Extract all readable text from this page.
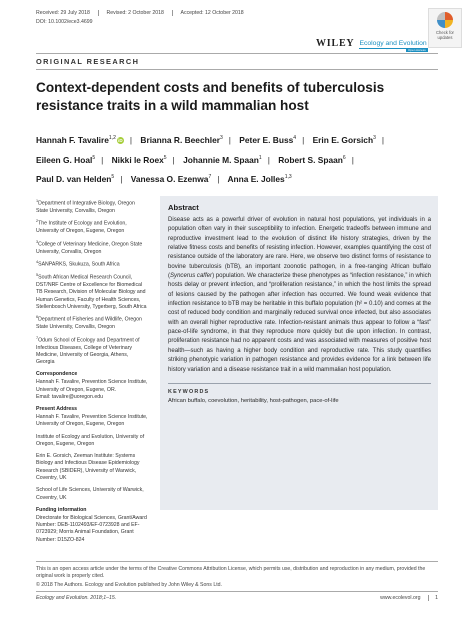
Received: 29 July 2018	Revised: 2 October 2018	Accepted: 12 October 2018
DOI: 10.1002/ece3.4699
Check for updates
WILEY Ecology and Evolution
Open Access
ORIGINAL RESEARCH
Context-dependent costs and benefits of tuberculosis resistance traits in a wild mammalian host
Hannah F. Tavalire$^{1,2}$ iD | Brianna R. Beechler$^3$ | Peter E. Buss$^4$ | Erin E. Gorsich$^3$ | Eileen G. Hoal$^5$ | Nikki le Roex$^5$ | Johannie M. Spaan$^1$ | Robert S. Spaan$^6$ | Paul D. van Helden$^5$ | Vanessa O. Ezenwa$^7$ | Anna E. Jolles$^{1,3}$
$^1$Department of Integrative Biology, Oregon State University, Corvallis, Oregon
$^2$The Institute of Ecology and Evolution, University of Oregon, Eugene, Oregon
$^3$College of Veterinary Medicine, Oregon State University, Corvallis, Oregon
$^4$SANPARKS, Skukuza, South Africa
$^5$South African Medical Research Council, DST/NRF Centre of Excellence for Biomedical TB Research, Division of Molecular Biology and Human Genetics, Faculty of Health Sciences, Stellenbosch University, Tygerberg, South Africa
$^6$Department of Fisheries and Wildlife, Oregon State University, Corvallis, Oregon
$^7$Odum School of Ecology and Department of Infectious Diseases, College of Veterinary Medicine, University of Georgia, Athens, Georgia
Correspondence
Hannah F. Tavalire, Prevention Science Institute, University of Oregon, Eugene, OR.
Email: tavalire@uoregon.edu
Present Address
Hannah F. Tavalire, Prevention Science Institute, University of Oregon, Eugene, Oregon
Institute of Ecology and Evolution, University of Oregon, Eugene, Oregon
Erin E. Gorsich, Zeeman Institute: Systems Biology and Infectious Disease Epidemiology Research (SBIDER), University of Warwick, Coventry, UK
School of Life Sciences, University of Warwick, Coventry, UK
Funding information
Directorate for Biological Sciences, Grant/Award Number: DEB-1102493/EF-0723928 and EF-0723929; Morris Animal Foundation, Grant Number: D15ZO-824
Abstract

Disease acts as a powerful driver of evolution in natural host populations, yet individuals in a population often vary in their susceptibility to infection. Energetic tradeoffs between immune and reproductive investment lead to the evolution of distinct life history strategies, driven by the relative fitness costs and benefits of resisting infection. However, examples quantifying the cost of resistance outside of the laboratory are rare. Here, we observe two distinct forms of resistance to bovine tuberculosis (bTB), an important zoonotic pathogen, in a free-ranging African buffalo (Syncerus caffer) population. We characterize these phenotypes as “infection resistance,” in which hosts delay or prevent infection, and “proliferation resistance,” in which the host limits the spread of lesions caused by the pathogen after infection has occurred. We found weak evidence that infection resistance to bTB may be heritable in this buffalo population (h² = 0.10) and comes at the cost of reduced body condition and marginally reduced survival once infected, but also associates with an overall higher reproductive rate. Infection-resistant animals thus appear to follow a “fast” pace-of-life syndrome, in that they reproduce more quickly but die upon infection. In contrast, proliferation resistance had no apparent costs and was associated with measures of positive host health—such as having a higher body condition and reproductive rate. This study quantifies striking phenotypic variation in pathogen resistance and provides evidence for a link between life history variation and a disease resistance trait in a wild mammalian host population.

KEYWORDS
African buffalo, coevolution, heritability, host-pathogen, pace-of-life
This is an open access article under the terms of the Creative Commons Attribution License, which permits use, distribution and reproduction in any medium, provided the original work is properly cited.
© 2018 The Authors. Ecology and Evolution published by John Wiley & Sons Ltd.
Ecology and Evolution. 2018;1–15.	www.ecolevol.org	1
